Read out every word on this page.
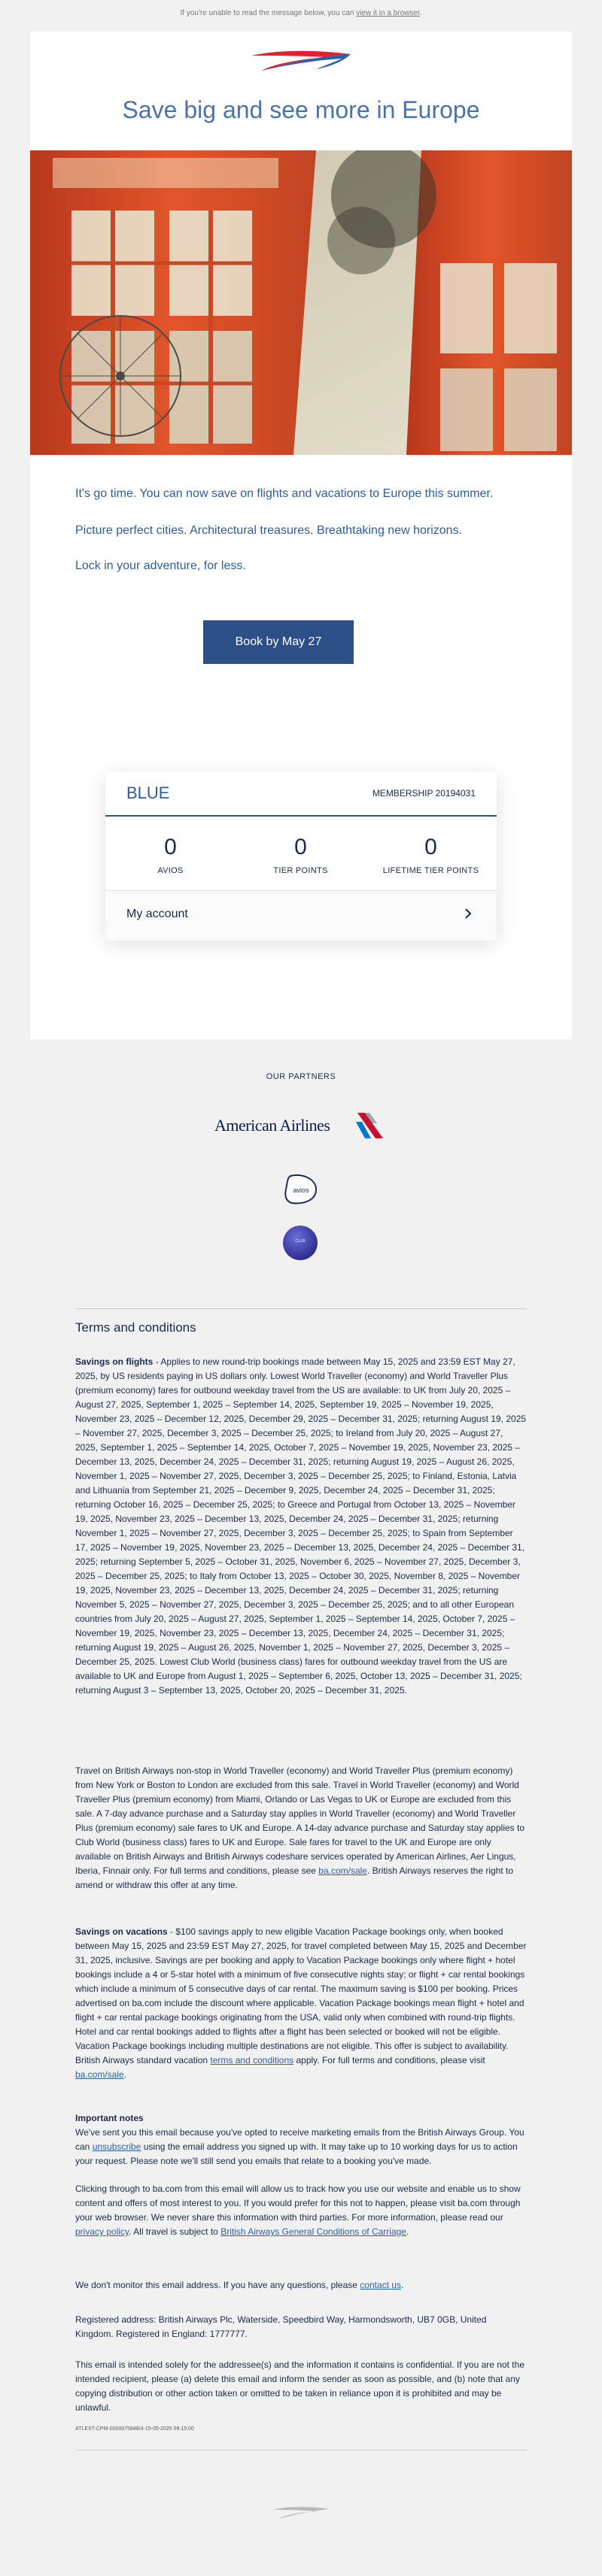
If you're unable to read the message below, you can view it in a browser.
Save big and see more in Europe

It's go time. You can now save on flights and vacations to Europe this summer.

Picture perfect cities. Architectural treasures. Breathtaking new horizons.

Lock in your adventure, for less.

Book by May 27
BLUE	MEMBERSHIP 20194031
0
AVIOS
0
TIER POINTS
0
LIFETIME TIER POINTS
My account
OUR PARTNERS
American Airlines
avios
CLUB
Terms and conditions

Savings on flights - Applies to new round-trip bookings made between May 15, 2025 and 23:59 EST May 27, 2025, by US residents paying in US dollars only. Lowest World Traveller (economy) and World Traveller Plus (premium economy) fares for outbound weekday travel from the US are available: to UK from July 20, 2025 – August 27, 2025, September 1, 2025 – September 14, 2025, September 19, 2025 – November 19, 2025, November 23, 2025 – December 12, 2025, December 29, 2025 – December 31, 2025; returning August 19, 2025 – November 27, 2025, December 3, 2025 – December 25, 2025; to Ireland from July 20, 2025 – August 27, 2025, September 1, 2025 – September 14, 2025, October 7, 2025 – November 19, 2025, November 23, 2025 – December 13, 2025, December 24, 2025 – December 31, 2025; returning August 19, 2025 – August 26, 2025, November 1, 2025 – November 27, 2025, December 3, 2025 – December 25, 2025; to Finland, Estonia, Latvia and Lithuania from September 21, 2025 – December 9, 2025, December 24, 2025 – December 31, 2025; returning October 16, 2025 – December 25, 2025; to Greece and Portugal from October 13, 2025 – November 19, 2025, November 23, 2025 – December 13, 2025, December 24, 2025 – December 31, 2025; returning November 1, 2025 – November 27, 2025, December 3, 2025 – December 25, 2025; to Spain from September 17, 2025 – November 19, 2025, November 23, 2025 – December 13, 2025, December 24, 2025 – December 31, 2025; returning September 5, 2025 – October 31, 2025, November 6, 2025 – November 27, 2025, December 3, 2025 – December 25, 2025; to Italy from October 13, 2025 – October 30, 2025, November 8, 2025 – November 19, 2025, November 23, 2025 – December 13, 2025, December 24, 2025 – December 31, 2025; returning November 5, 2025 – November 27, 2025, December 3, 2025 – December 25, 2025; and to all other European countries from July 20, 2025 – August 27, 2025, September 1, 2025 – September 14, 2025, October 7, 2025 – November 19, 2025, November 23, 2025 – December 13, 2025, December 24, 2025 – December 31, 2025; returning August 19, 2025 – August 26, 2025, November 1, 2025 – November 27, 2025, December 3, 2025 – December 25, 2025. Lowest Club World (business class) fares for outbound weekday travel from the US are available to UK and Europe from August 1, 2025 – September 6, 2025, October 13, 2025 – December 31, 2025; returning August 3 – September 13, 2025, October 20, 2025 – December 31, 2025.

Travel on British Airways non-stop in World Traveller (economy) and World Traveller Plus (premium economy) from New York or Boston to London are excluded from this sale. Travel in World Traveller (economy) and World Traveller Plus (premium economy) from Miami, Orlando or Las Vegas to UK or Europe are excluded from this sale. A 7-day advance purchase and a Saturday stay applies in World Traveller (economy) and World Traveller Plus (premium economy) sale fares to UK and Europe. A 14-day advance purchase and Saturday stay applies to Club World (business class) fares to UK and Europe. Sale fares for travel to the UK and Europe are only available on British Airways and British Airways codeshare services operated by American Airlines, Aer Lingus, Iberia, Finnair only. For full terms and conditions, please see ba.com/sale. British Airways reserves the right to amend or withdraw this offer at any time.

Savings on vacations - $100 savings apply to new eligible Vacation Package bookings only, when booked between May 15, 2025 and 23:59 EST May 27, 2025, for travel completed between May 15, 2025 and December 31, 2025, inclusive. Savings are per booking and apply to Vacation Package bookings only where flight + hotel bookings include a 4 or 5-star hotel with a minimum of five consecutive nights stay; or flight + car rental bookings which include a minimum of 5 consecutive days of car rental. The maximum saving is $100 per booking. Prices advertised on ba.com include the discount where applicable. Vacation Package bookings mean flight + hotel and flight + car rental package bookings originating from the USA, valid only when combined with round-trip flights. Hotel and car rental bookings added to flights after a flight has been selected or booked will not be eligible. Vacation Package bookings including multiple destinations are not eligible. This offer is subject to availability. British Airways standard vacation terms and conditions apply. For full terms and conditions, please visit ba.com/sale.

Important notes
We've sent you this email because you've opted to receive marketing emails from the British Airways Group. You can unsubscribe using the email address you signed up with. It may take up to 10 working days for us to action your request. Please note we'll still send you emails that relate to a booking you've made.

Clicking through to ba.com from this email will allow us to track how you use our website and enable us to show content and offers of most interest to you. If you would prefer for this not to happen, please visit ba.com through your web browser. We never share this information with third parties. For more information, please read our privacy policy. All travel is subject to British Airways General Conditions of Carriage.

We don't monitor this email address. If you have any questions, please contact us.

Registered address: British Airways Plc, Waterside, Speedbird Way, Harmondsworth, UB7 0GB, United Kingdom. Registered in England: 1777777.

This email is intended solely for the addressee(s) and the information it contains is confidential. If you are not the intended recipient, please (a) delete this email and inform the sender as soon as possible, and (b) note that any copying distribution or other action taken or omitted to be taken in reliance upon it is prohibited and may be unlawful.

ATLEXT-CPM-0000075848/4-15-05-2025 09:15:00
